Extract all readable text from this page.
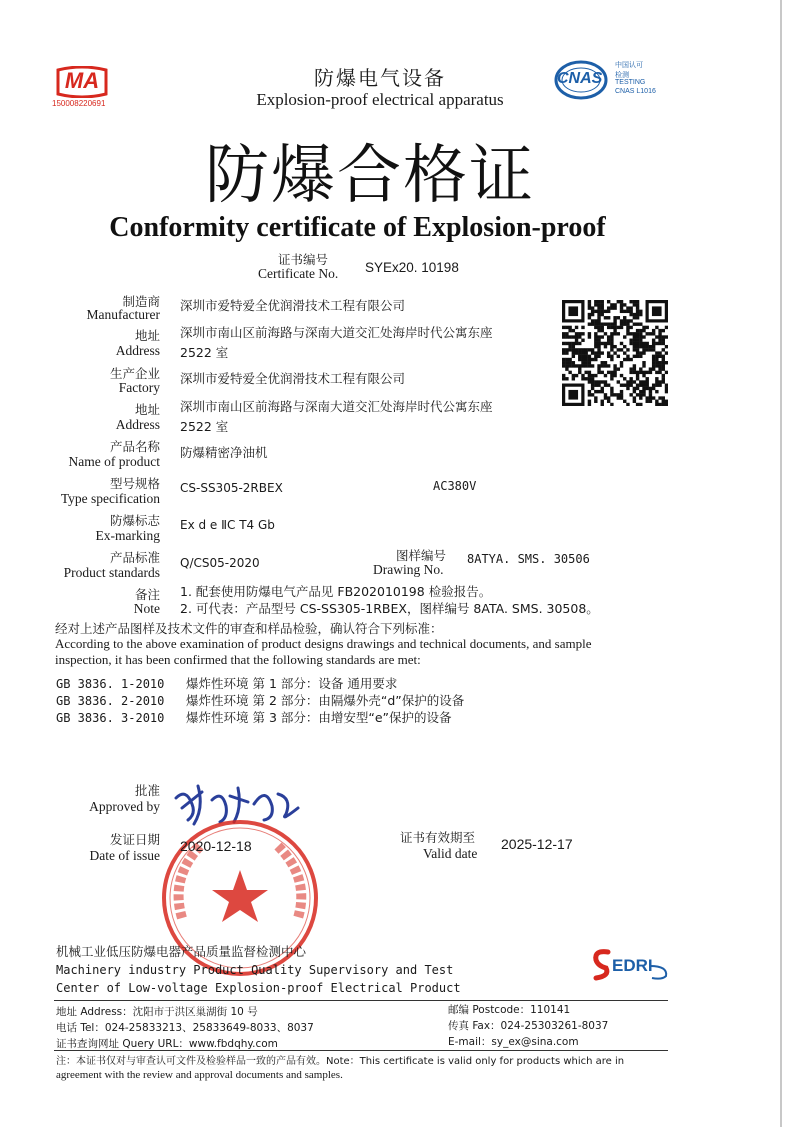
MA
150008220691
CNAS
中国认可
检测
TESTING
CNAS L1016
防爆电气设备
Explosion-proof electrical apparatus
防爆合格证
Conformity certificate of Explosion-proof
证书编号
Certificate No. SYEx20. 10198
制造商
Manufacturer
深圳市爱特爱全优润滑技术工程有限公司
地址
Address
深圳市南山区前海路与深南大道交汇处海岸时代公寓东座
2522 室
生产企业
Factory
深圳市爱特爱全优润滑技术工程有限公司
地址
Address
深圳市南山区前海路与深南大道交汇处海岸时代公寓东座
2522 室
产品名称
Name of product
防爆精密净油机
型号规格
Type specification
CS-SS305-2RBEX	AC380V
防爆标志
Ex-marking
Ex d e ⅡC T4 Gb
产品标准
Product standards
Q/CS05-2020	图样编号
Drawing No.
8ATYA. SMS. 30506
备注
Note
1. 配套使用防爆电气产品见 FB202010198 检验报告。
2. 可代表：产品型号 CS-SS305-1RBEX，图样编号 8ATA. SMS. 30508。
经对上述产品图样及技术文件的审查和样品检验，确认符合下列标准：
According to the above examination of product designs drawings and technical documents, and sample
inspection, it has been confirmed that the following standards are met:
GB 3836. 1-2010 爆炸性环境 第 1 部分：设备 通用要求
GB 3836. 2-2010 爆炸性环境 第 2 部分：由隔爆外壳“d”保护的设备
GB 3836. 3-2010 爆炸性环境 第 3 部分：由增安型“e”保护的设备
批准
Approved by
发证日期
Date of issue
2020-12-18
证书有效期至
Valid date
2025-12-17
机械工业低压防爆电器产品质量监督检测中心
Machinery industry Product Quality Supervisory and Test
Center of Low-voltage Explosion-proof Electrical Product
EDRI
地址 Address：沈阳市于洪区巢湖街 10 号
电话 Tel：024-25833213、25833649-8033、8037
证书查询网址 Query URL：www.fbdqhy.com
邮编 Postcode：110141
传真 Fax：024-25303261-8037
E-mail：sy_ex@sina.com
注：本证书仅对与审查认可文件及检验样品一致的产品有效。Note：This certificate is valid only for products which are in
agreement with the review and approval documents and samples.
